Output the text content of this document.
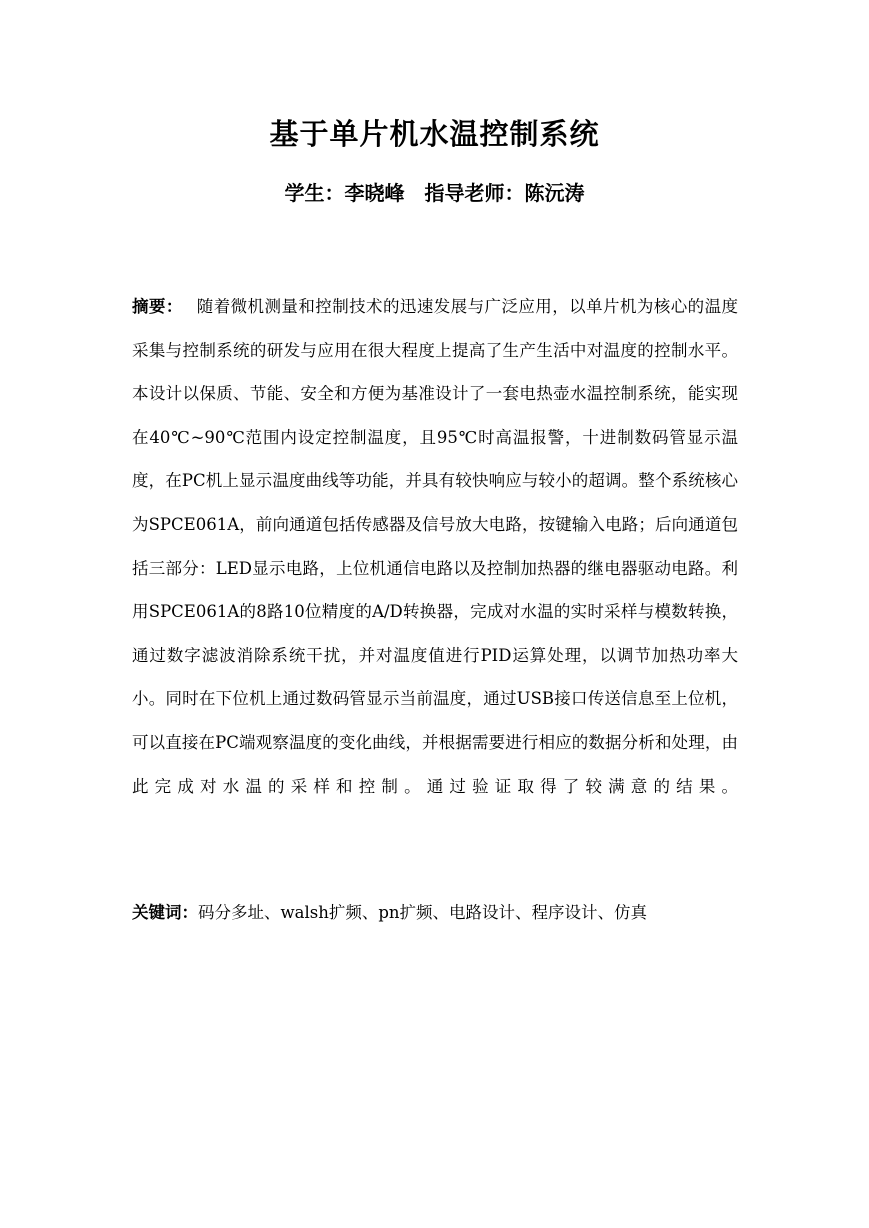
基于单片机水温控制系统
学生：李晓峰 指导老师：陈沅涛
摘要： 随着微机测量和控制技术的迅速发展与广泛应用，以单片机为核心的温度采集与控制系统的研发与应用在很大程度上提高了生产生活中对温度的控制水平。本设计以保质、节能、安全和方便为基准设计了一套电热壶水温控制系统，能实现在40℃~90℃范围内设定控制温度，且95℃时高温报警，十进制数码管显示温度，在PC机上显示温度曲线等功能，并具有较快响应与较小的超调。整个系统核心为SPCE061A，前向通道包括传感器及信号放大电路，按键输入电路；后向通道包括三部分：LED显示电路，上位机通信电路以及控制加热器的继电器驱动电路。利用SPCE061A的8路10位精度的A/D转换器，完成对水温的实时采样与模数转换，通过数字滤波消除系统干扰，并对温度值进行PID运算处理，以调节加热功率大小。同时在下位机上通过数码管显示当前温度，通过USB接口传送信息至上位机，可以直接在PC端观察温度的变化曲线，并根据需要进行相应的数据分析和处理，由此完成对水温的采样和控制。通过验证取得了较满意的结果。
关键词：码分多址、walsh扩频、pn扩频、电路设计、程序设计、仿真
